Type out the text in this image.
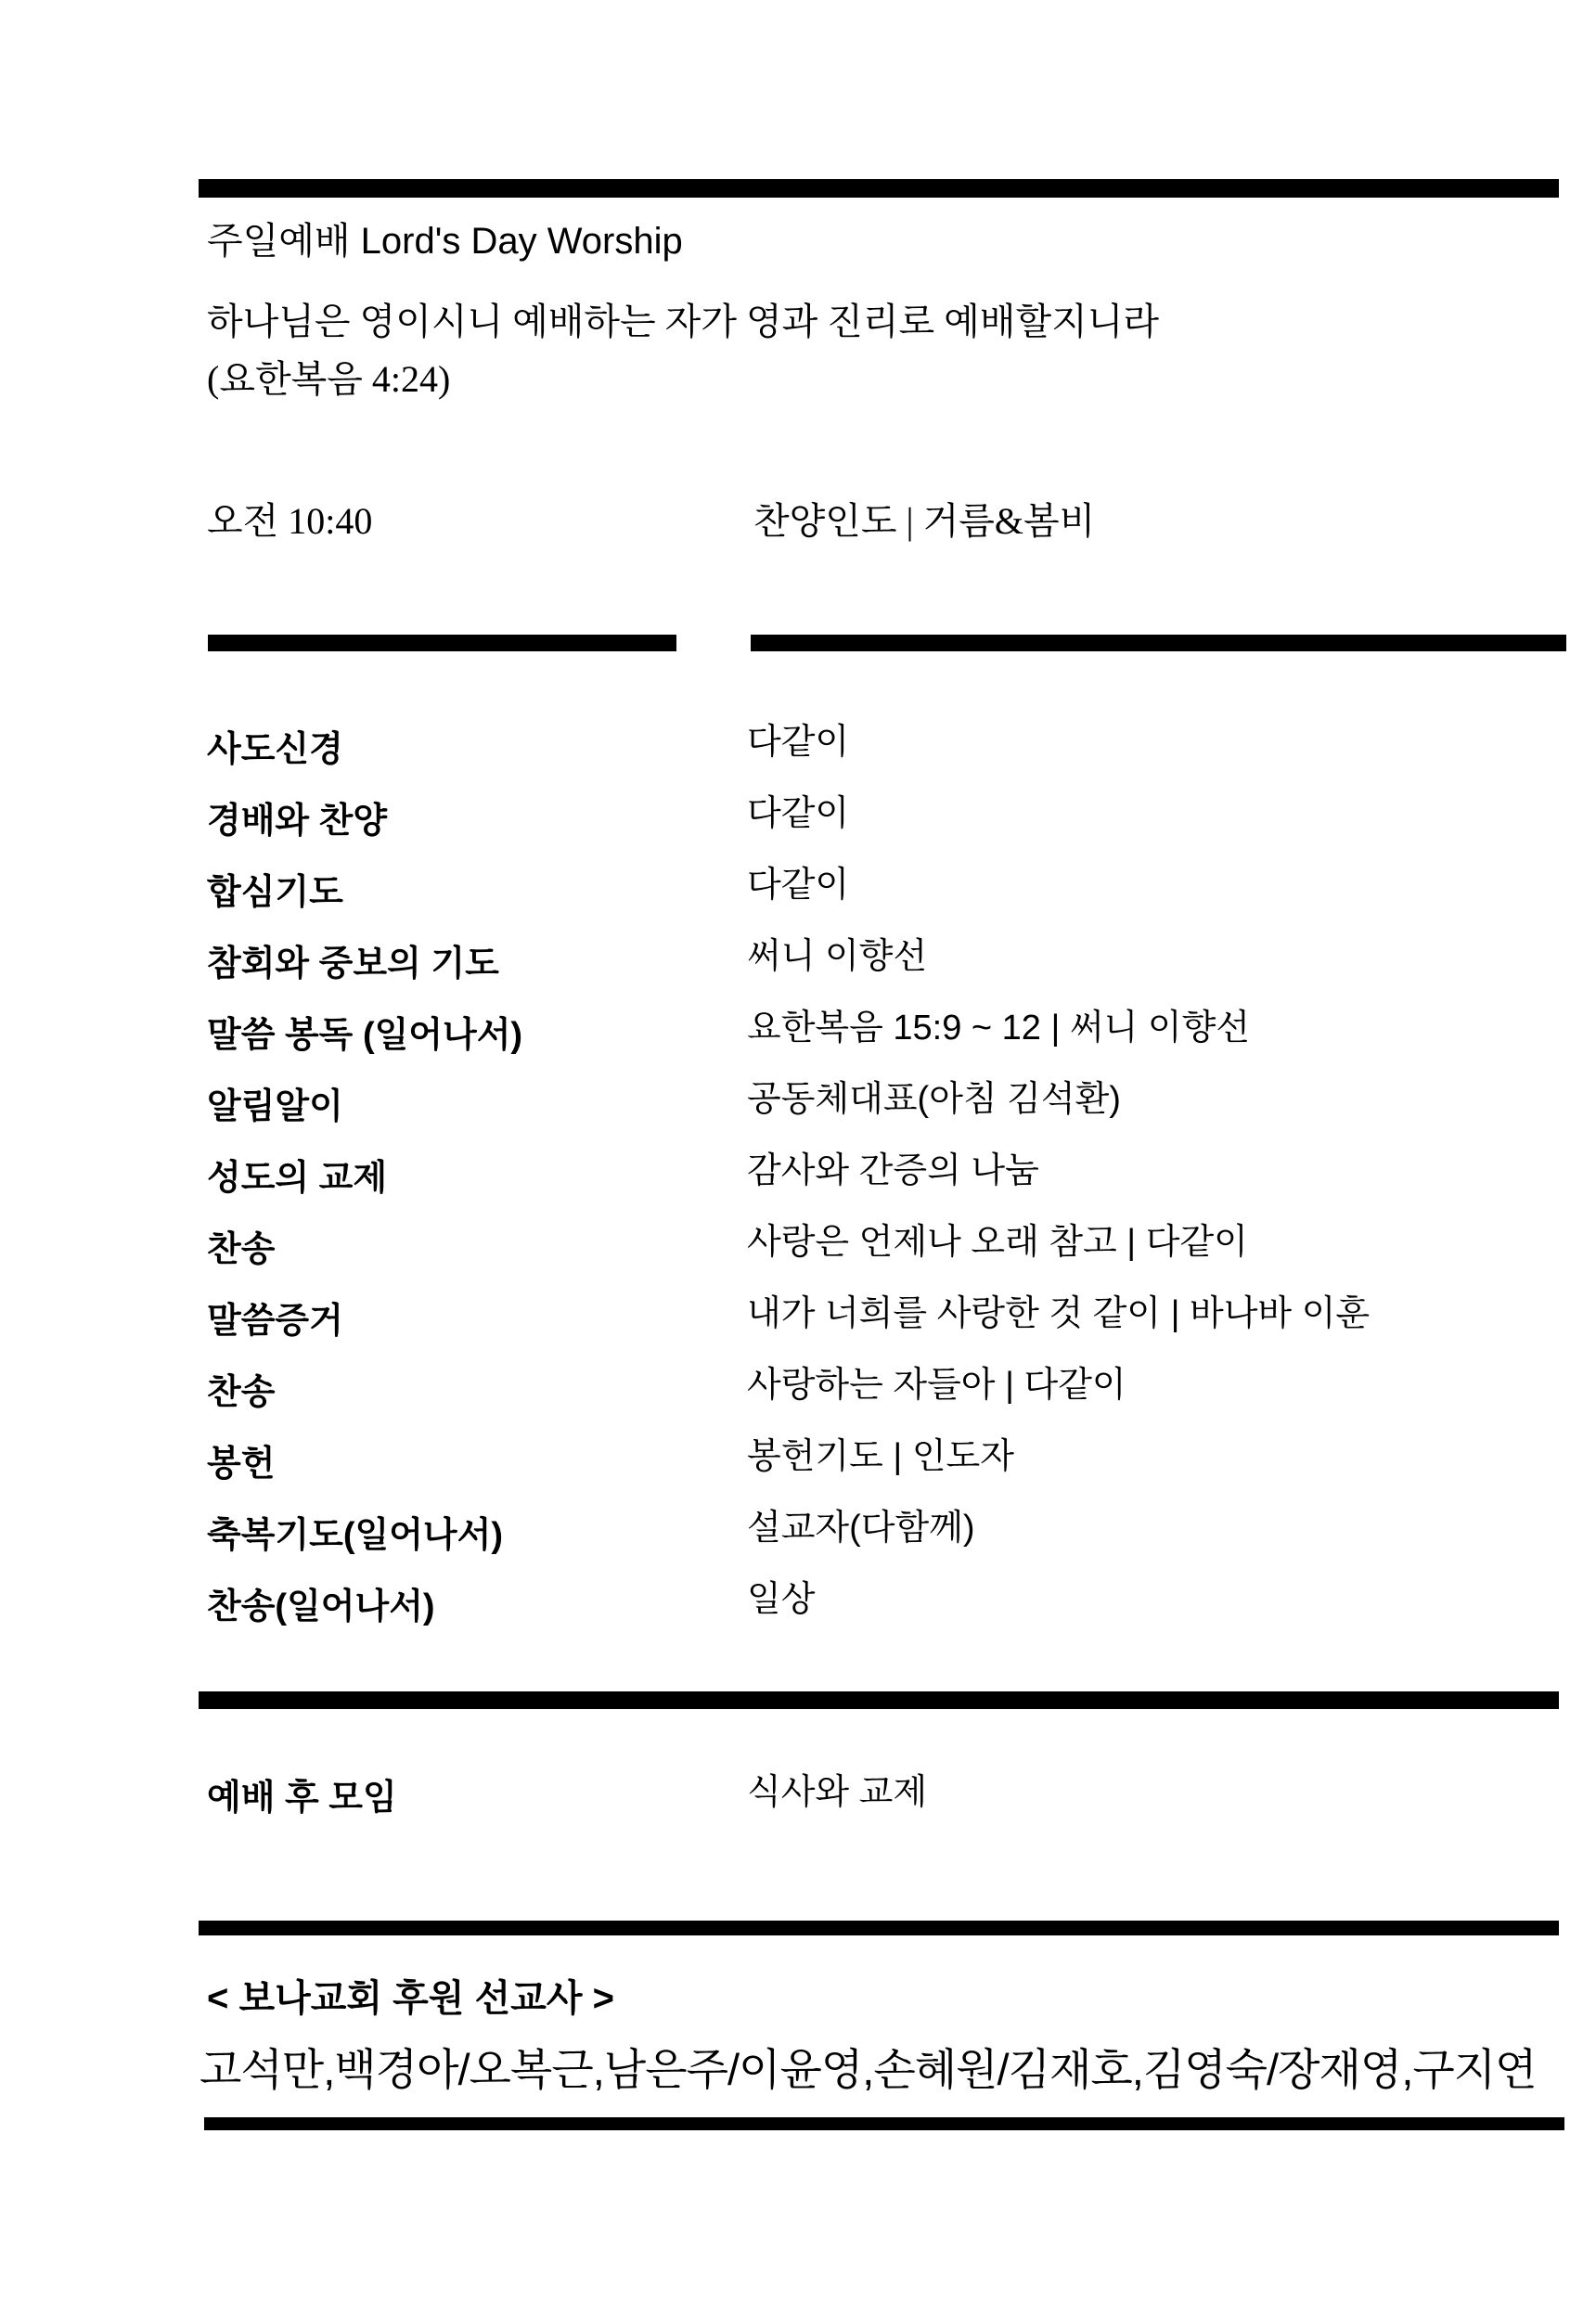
주일예배 Lord's Day Worship
하나님은 영이시니 예배하는 자가 영과 진리로 예배할지니라
(요한복음 4:24)
오전 10:40	찬양인도 | 거름&봄비
사도신경	다같이
경배와 찬양	다같이
합심기도	다같이
참회와 중보의 기도	써니 이향선
말씀 봉독 (일어나서)	요한복음 15:9 ~ 12 | 써니 이향선
알림알이	공동체대표(아침 김석환)
성도의 교제	감사와 간증의 나눔
찬송	사랑은 언제나 오래 참고 | 다같이
말씀증거	내가 너희를 사랑한 것 같이 | 바나바 이훈
찬송	사랑하는 자들아 | 다같이
봉헌	봉헌기도 | 인도자
축복기도(일어나서)	설교자(다함께)
찬송(일어나서)	일상
예배 후 모임	식사와 교제
< 보나교회 후원 선교사 >
고석만,백경아/오복근,남은주/이윤영,손혜원/김재호,김영숙/장재영,구지연
